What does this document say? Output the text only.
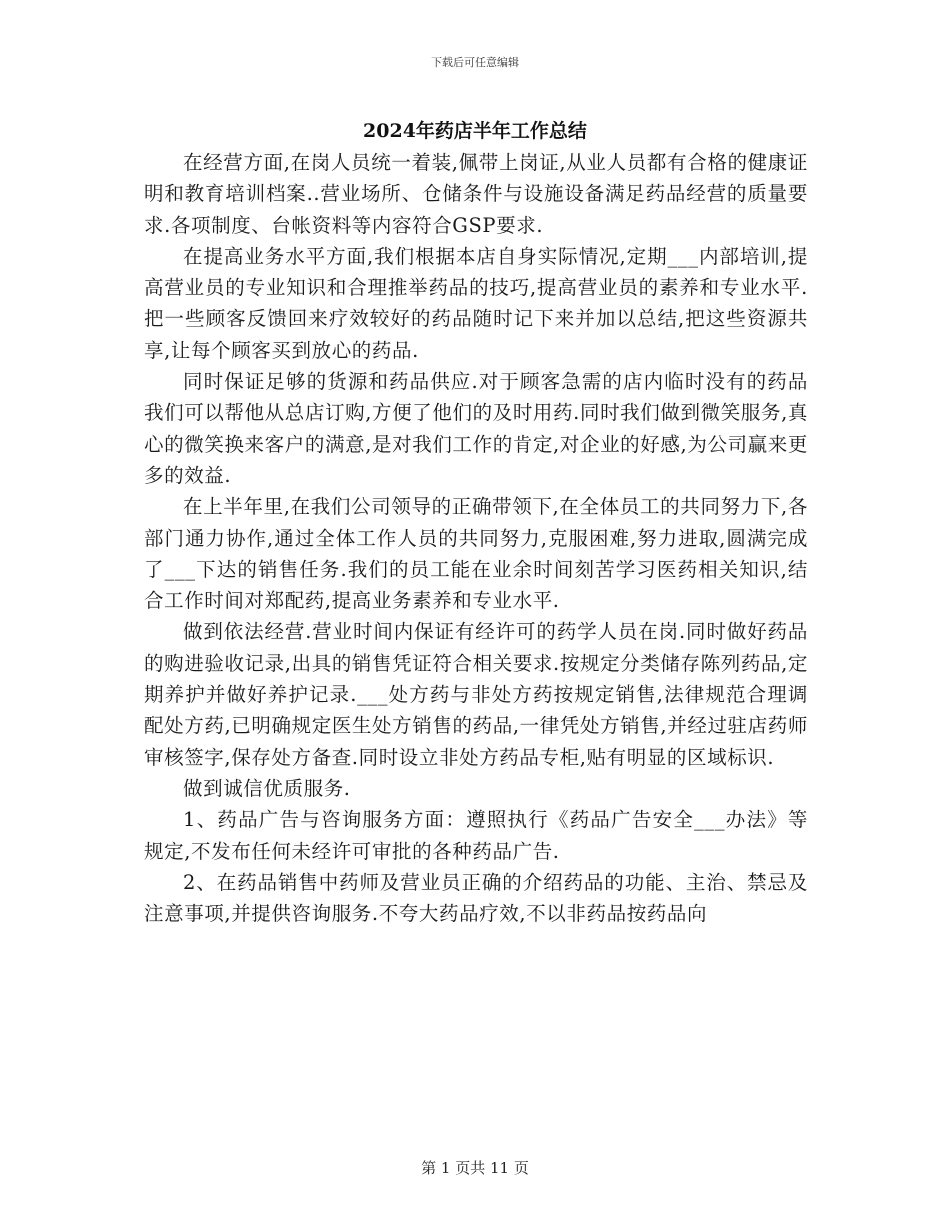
下载后可任意编辑
2024年药店半年工作总结

在经营方面,在岗人员统一着装,佩带上岗证,从业人员都有合格的健康证明和教育培训档案..营业场所、仓储条件与设施设备满足药品经营的质量要求.各项制度、台帐资料等内容符合GSP要求.

在提高业务水平方面,我们根据本店自身实际情况,定期___内部培训,提高营业员的专业知识和合理推举药品的技巧,提高营业员的素养和专业水平.把一些顾客反馈回来疗效较好的药品随时记下来并加以总结,把这些资源共享,让每个顾客买到放心的药品.

同时保证足够的货源和药品供应.对于顾客急需的店内临时没有的药品我们可以帮他从总店订购,方便了他们的及时用药.同时我们做到微笑服务,真心的微笑换来客户的满意,是对我们工作的肯定,对企业的好感,为公司赢来更多的效益.

在上半年里,在我们公司领导的正确带领下,在全体员工的共同努力下,各部门通力协作,通过全体工作人员的共同努力,克服困难,努力进取,圆满完成了___下达的销售任务.我们的员工能在业余时间刻苦学习医药相关知识,结合工作时间对郑配药,提高业务素养和专业水平.

做到依法经营.营业时间内保证有经许可的药学人员在岗.同时做好药品的购进验收记录,出具的销售凭证符合相关要求.按规定分类储存陈列药品,定期养护并做好养护记录.___处方药与非处方药按规定销售,法律规范合理调配处方药,已明确规定医生处方销售的药品,一律凭处方销售,并经过驻店药师审核签字,保存处方备查.同时设立非处方药品专柜,贴有明显的区域标识.

做到诚信优质服务.

1、药品广告与咨询服务方面：遵照执行《药品广告安全___办法》等规定,不发布任何未经许可审批的各种药品广告.

2、在药品销售中药师及营业员正确的介绍药品的功能、主治、禁忌及注意事项,并提供咨询服务.不夸大药品疗效,不以非药品按药品向

第 1 页共 11 页
